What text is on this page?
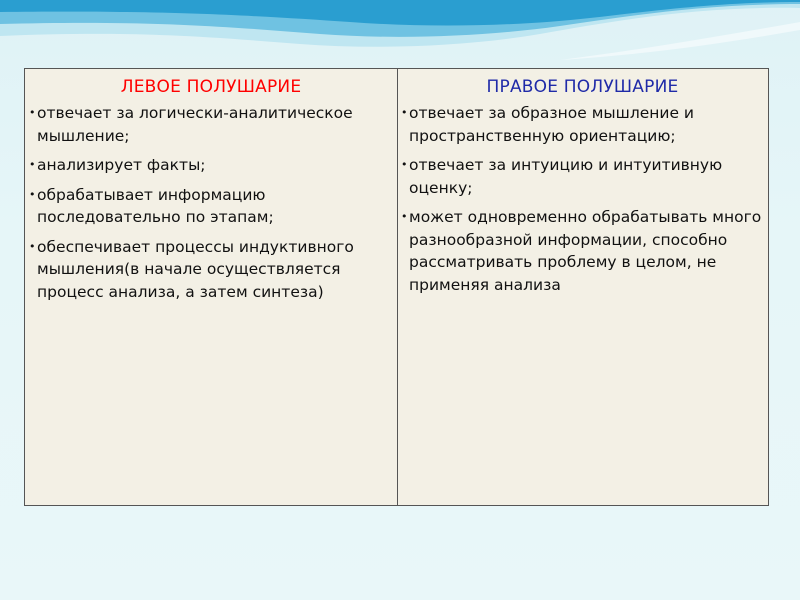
ЛЕВОЕ ПОЛУШАРИЕ
• отвечает за логически-аналитическое мышление;
• анализирует факты;
• обрабатывает информацию последовательно по этапам;
• обеспечивает процессы индуктивного мышления(в начале осуществляется процесс анализа, а затем синтеза)
ПРАВОЕ ПОЛУШАРИЕ
• отвечает за образное мышление и пространственную ориентацию;
• отвечает за интуицию и интуитивную оценку;
• может одновременно обрабатывать много разнообразной информации, способно рассматривать проблему в целом, не применяя анализа
